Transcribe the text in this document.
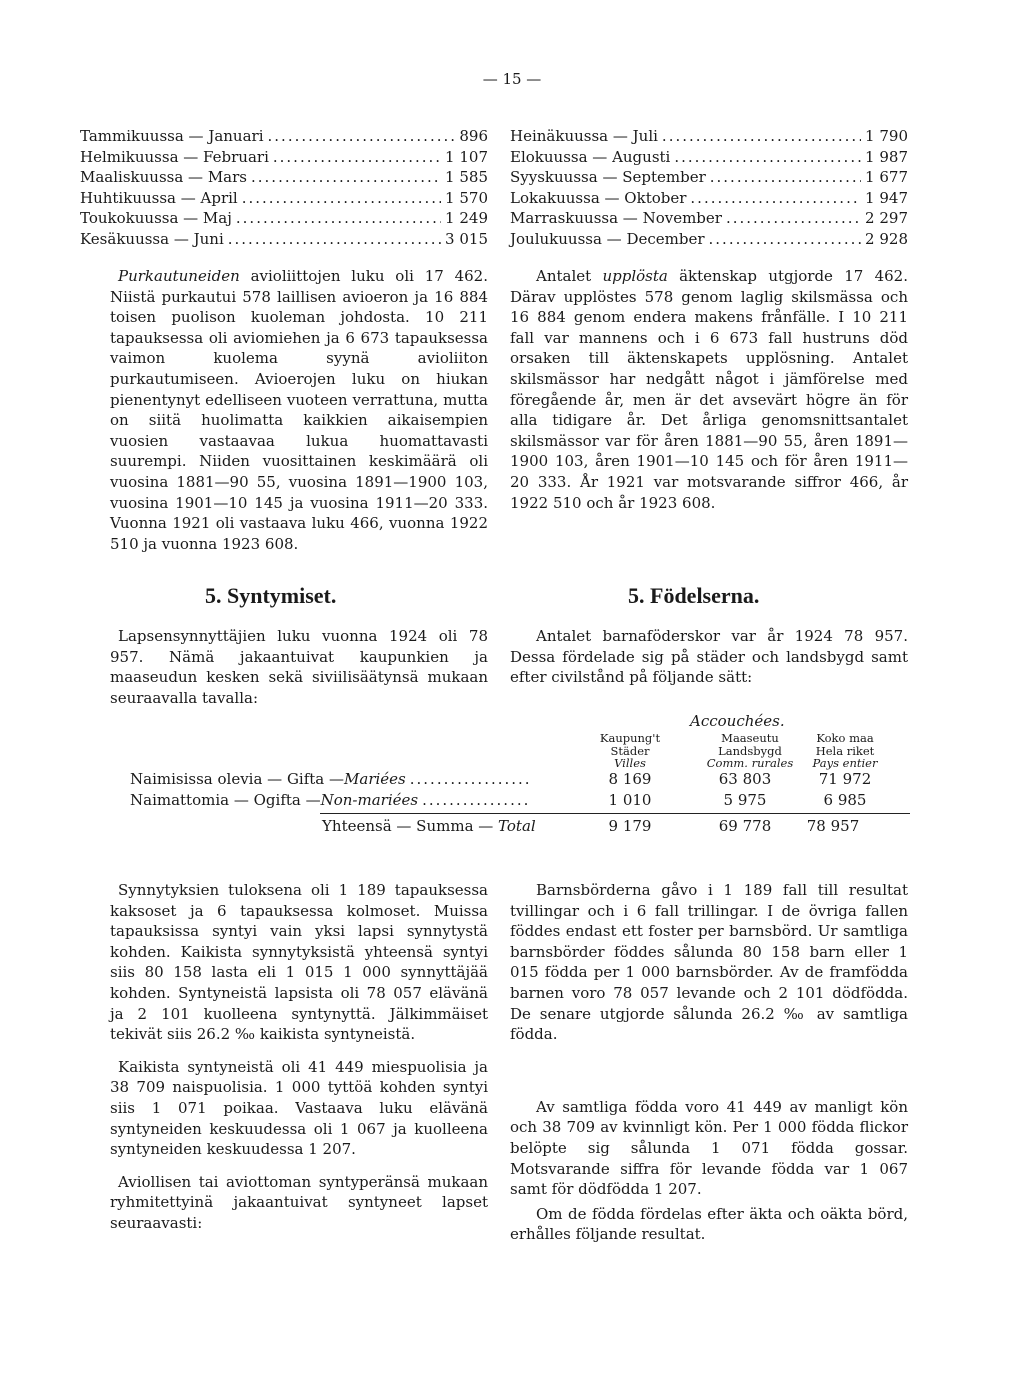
— 15 —
Tammikuussa — Januari .....	896
Helmikuussa — Februari .....	1 107
Maaliskuussa — Mars .....	1 585
Huhtikuussa — April .....	1 570
Toukokuussa — Maj .....	1 249
Kesäkuussa — Juni .....	3 015
Heinäkuussa — Juli .....	1 790
Elokuussa — Augusti .....	1 987
Syyskuussa — September .....	1 677
Lokakuussa — Oktober .....	1 947
Marraskuussa — November .....	2 297
Joulukuussa — December .....	2 928

Purkautuneiden avioliittojen luku oli 17 462. Niistä purkautui 578 laillisen avioeron ja 16 884 toisen puolison kuoleman johdosta. 10 211 tapauksessa oli aviomiehen ja 6 673 tapauksessa vaimon kuolema syynä avioliiton purkautumiseen. Avioerojen luku on hiukan pienentynyt edelliseen vuoteen verrattuna, mutta on siitä huolimatta kaikkien aikaisempien vuosien vastaavaa lukua huomattavasti suurempi. Niiden vuosittainen keskimäärä oli vuosina 1881—90 55, vuosina 1891—1900 103, vuosina 1901—10 145 ja vuosina 1911—20 333. Vuonna 1921 oli vastaava luku 466, vuonna 1922 510 ja vuonna 1923 608.

Antalet upplösta äktenskap utgjorde 17 462. Därav upplöstes 578 genom laglig skilsmässa och 16 884 genom endera makens frånfälle. I 10 211 fall var mannens och i 6 673 fall hustruns död orsaken till äktenskapets upplösning. Antalet skilsmässor har nedgått något i jämförelse med föregående år, men är det avsevärt högre än för alla tidigare år. Det årliga genomsnittsantalet skilsmässor var för åren 1881—90 55, åren 1891—1900 103, åren 1901—10 145 och för åren 1911—20 333. År 1921 var motsvarande siffror 466, år 1922 510 och år 1923 608.

5. Syntymiset.	5. Födelserna.

Lapsensynnyttäjien luku vuonna 1924 oli 78 957. Nämä jakaantuivat kaupunkien ja maaseudun kesken sekä siviilisäätynsä mukaan seuraavalla tavalla:

Antalet barnaföderskor var år 1924 78 957. Dessa fördelade sig på städer och landsbygd samt efter civilstånd på följande sätt:

Accouchées.
Kaupung't
Städer
Villes
Maaseutu
Landsbygd
Comm. rurales
Koko maa
Hela riket
Pays entier
Naimisissa olevia — Gifta — Mariées .....	8 169	63 803	71 972
Naimattomia — Ogifta — Non-mariées .....	1 010	5 975	6 985
Yhteensä — Summa — Total	9 179	69 778	78 957

Synnytyksien tuloksena oli 1 189 tapauksessa kaksoset ja 6 tapauksessa kolmoset. Muissa tapauksissa syntyi vain yksi lapsi synnytystä kohden. Kaikista synnytyksistä yhteensä syntyi siis 80 158 lasta eli 1 015 1 000 synnyttäjää kohden. Syntyneistä lapsista oli 78 057 elävänä ja 2 101 kuolleena syntynyttä. Jälkimmäiset tekivät siis 26.2 ‰ kaikista syntyneistä.

Kaikista syntyneistä oli 41 449 miespuolisia ja 38 709 naispuolisia. 1 000 tyttöä kohden syntyi siis 1 071 poikaa. Vastaava luku elävänä syntyneiden keskuudessa oli 1 067 ja kuolleena syntyneiden keskuudessa 1 207.

Aviollisen tai aviottoman syntyperänsä mukaan ryhmitettyinä jakaantuivat syntyneet lapset seuraavasti:

Barnsbörderna gåvo i 1 189 fall till resultat tvillingar och i 6 fall trillingar. I de övriga fallen föddes endast ett foster per barnsbörd. Ur samtliga barnsbörder föddes sålunda 80 158 barn eller 1 015 födda per 1 000 barnsbörder. Av de framfödda barnen voro 78 057 levande och 2 101 dödfödda. De senare utgjorde sålunda 26.2 ‰ av samtliga födda.

Av samtliga födda voro 41 449 av manligt kön och 38 709 av kvinnligt kön. Per 1 000 födda flickor belöpte sig sålunda 1 071 födda gossar. Motsvarande siffra för levande födda var 1 067 samt för dödfödda 1 207.

Om de födda fördelas efter äkta och oäkta börd, erhålles följande resultat.
